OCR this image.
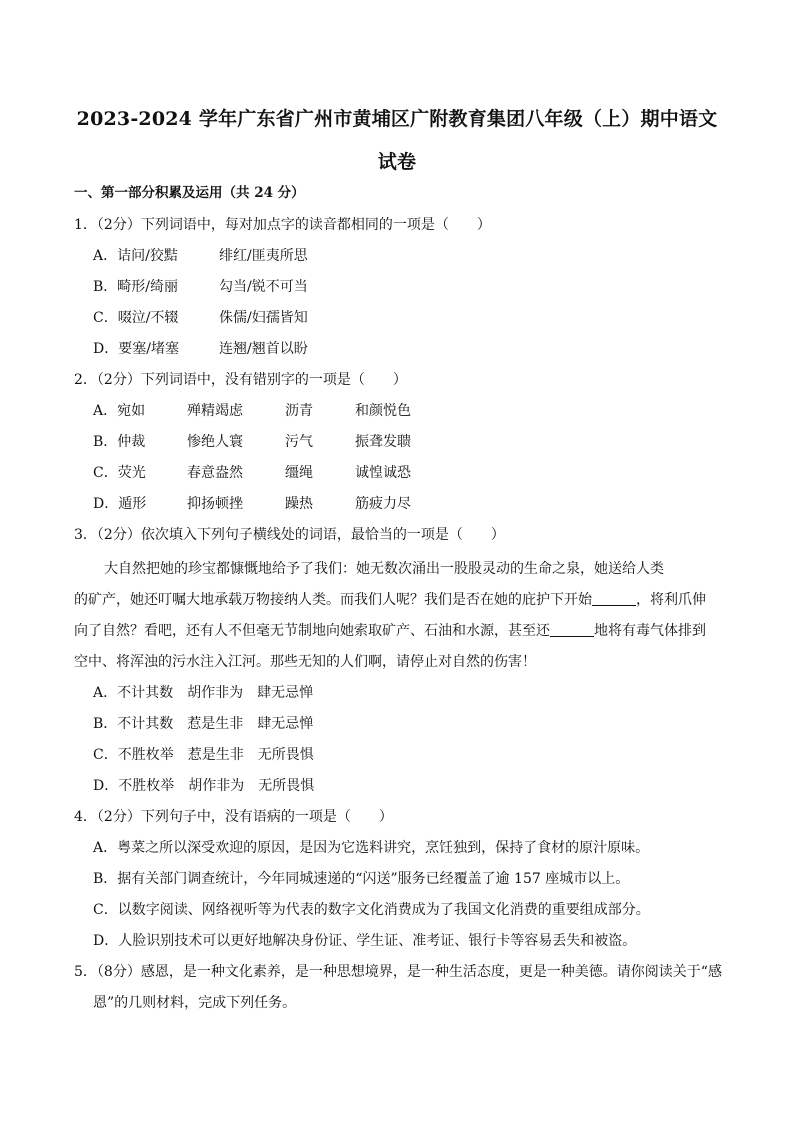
2023-2024 学年广东省广州市黄埔区广附教育集团八年级（上）期中语文
试卷
一、第一部分积累及运用（共 24 分）
1．（2分）下列词语中，每对加点字的读音都相同的一项是（　　）
A．诘问/狡黠	绯红/匪夷所思
B．畸形/绮丽	勾当/锐不可当
C．啜泣/不辍	侏儒/妇孺皆知
D．要塞/堵塞	连翘/翘首以盼
2．（2分）下列词语中，没有错别字的一项是（　　）
A．宛如	殚精竭虑	沥青	和颜悦色
B．仲裁	惨绝人寰	污气	振聋发聩
C．荧光	春意盎然	缰绳	诚惶诚恐
D．遁形	抑扬顿挫	躁热	筋疲力尽
3．（2分）依次填入下列句子横线处的词语，最恰当的一项是（　　）
大自然把她的珍宝都慷慨地给予了我们：她无数次涌出一股股灵动的生命之泉，她送给人类
的矿产，她还叮嘱大地承载万物接纳人类。而我们人呢？我们是否在她的庇护下开始	，将利爪伸
向了自然？看吧，还有人不但毫无节制地向她索取矿产、石油和水源，甚至还	地将有毒气体排到
空中、将浑浊的污水注入江河。那些无知的人们啊，请停止对自然的伤害！
A．不计其数　胡作非为　肆无忌惮
B．不计其数　惹是生非　肆无忌惮
C．不胜枚举　惹是生非　无所畏惧
D．不胜枚举　胡作非为　无所畏惧
4．（2分）下列句子中，没有语病的一项是（　　）
A．粤菜之所以深受欢迎的原因，是因为它选料讲究，烹饪独到，保持了食材的原汁原味。
B．据有关部门调查统计，今年同城速递的“闪送”服务已经覆盖了逾 157 座城市以上。
C．以数字阅读、网络视听等为代表的数字文化消费成为了我国文化消费的重要组成部分。
D．人脸识别技术可以更好地解决身份证、学生证、准考证、银行卡等容易丢失和被盗。
5．（8分）感恩，是一种文化素养，是一种思想境界，是一种生活态度，更是一种美德。请你阅读关于“感
恩”的几则材料，完成下列任务。
